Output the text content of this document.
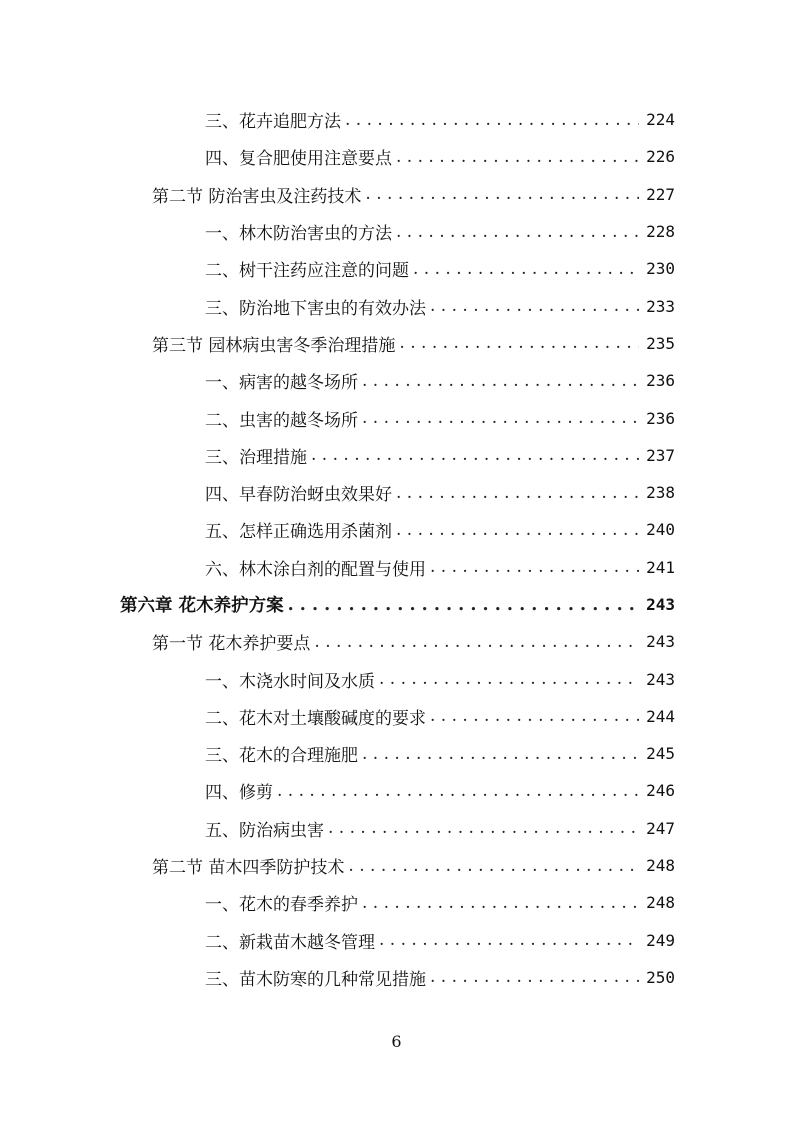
三、花卉追肥方法 . . .	224
四、复合肥使用注意要点 . . .	226
第二节 防治害虫及注药技术 . . .	227
一、林木防治害虫的方法 . . .	228
二、树干注药应注意的问题 . . .	230
三、防治地下害虫的有效办法 . . .	233
第三节 园林病虫害冬季治理措施 . . .	235
一、病害的越冬场所 . . .	236
二、虫害的越冬场所 . . .	236
三、治理措施 . . .	237
四、早春防治蚜虫效果好 . . .	238
五、怎样正确选用杀菌剂 . . .	240
六、林木涂白剂的配置与使用 . . .	241
第六章 花木养护方案 . . .	243
第一节 花木养护要点 . . .	243
一、木浇水时间及水质 . . .	243
二、花木对土壤酸碱度的要求 . . .	244
三、花木的合理施肥 . . .	245
四、修剪 . . .	246
五、防治病虫害 . . .	247
第二节 苗木四季防护技术 . . .	248
一、花木的春季养护 . . .	248
二、新栽苗木越冬管理 . . .	249
三、苗木防寒的几种常见措施 . . .	250
6
